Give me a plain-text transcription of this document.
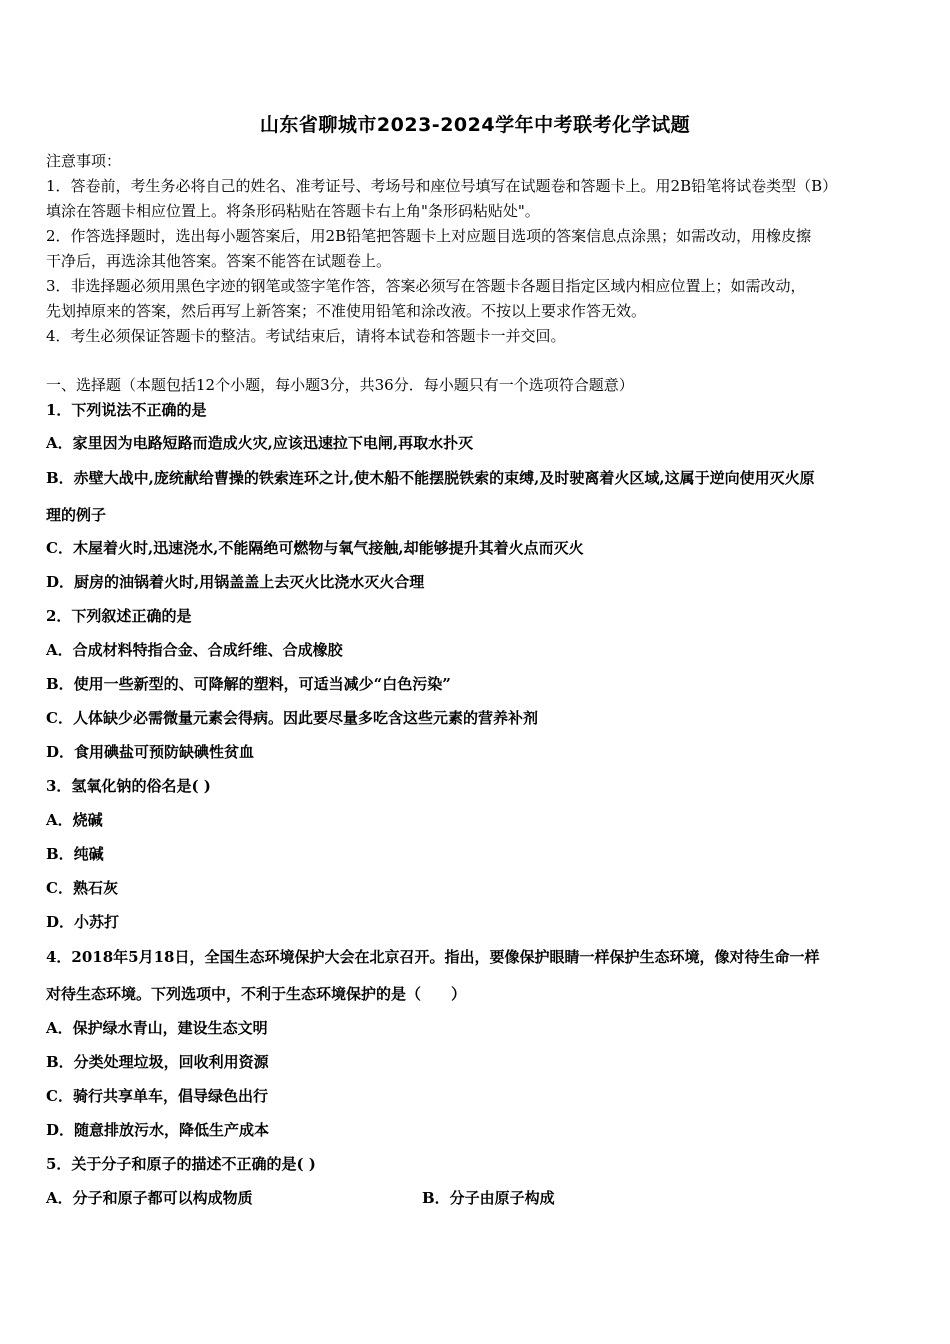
山东省聊城市2023-2024学年中考联考化学试题
注意事项：
1．答卷前，考生务必将自己的姓名、准考证号、考场号和座位号填写在试题卷和答题卡上。用2B铅笔将试卷类型（B）
填涂在答题卡相应位置上。将条形码粘贴在答题卡右上角"条形码粘贴处"。
2．作答选择题时，选出每小题答案后，用2B铅笔把答题卡上对应题目选项的答案信息点涂黑；如需改动，用橡皮擦
干净后，再选涂其他答案。答案不能答在试题卷上。
3．非选择题必须用黑色字迹的钢笔或签字笔作答，答案必须写在答题卡各题目指定区域内相应位置上；如需改动，
先划掉原来的答案，然后再写上新答案；不准使用铅笔和涂改液。不按以上要求作答无效。
4．考生必须保证答题卡的整洁。考试结束后，请将本试卷和答题卡一并交回。
一、选择题（本题包括12个小题，每小题3分，共36分．每小题只有一个选项符合题意）
1．下列说法不正确的是
A．家里因为电路短路而造成火灾,应该迅速拉下电闸,再取水扑灭
B．赤壁大战中,庞统献给曹操的铁索连环之计,使木船不能摆脱铁索的束缚,及时驶离着火区域,这属于逆向使用灭火原
理的例子
C．木屋着火时,迅速浇水,不能隔绝可燃物与氧气接触,却能够提升其着火点而灭火
D．厨房的油锅着火时,用锅盖盖上去灭火比浇水灭火合理
2．下列叙述正确的是
A．合成材料特指合金、合成纤维、合成橡胶
B．使用一些新型的、可降解的塑料，可适当减少“白色污染”
C．人体缺少必需微量元素会得病。因此要尽量多吃含这些元素的营养补剂
D．食用碘盐可预防缺碘性贫血
3．氢氧化钠的俗名是( )
A．烧碱
B．纯碱
C．熟石灰
D．小苏打
4．2018年5月18日，全国生态环境保护大会在北京召开。指出，要像保护眼睛一样保护生态环境，像对待生命一样
对待生态环境。下列选项中，不利于生态环境保护的是（　　）
A．保护绿水青山，建设生态文明
B．分类处理垃圾，回收利用资源
C．骑行共享单车，倡导绿色出行
D．随意排放污水，降低生产成本
5．关于分子和原子的描述不正确的是( )
A．分子和原子都可以构成物质	B．分子由原子构成
